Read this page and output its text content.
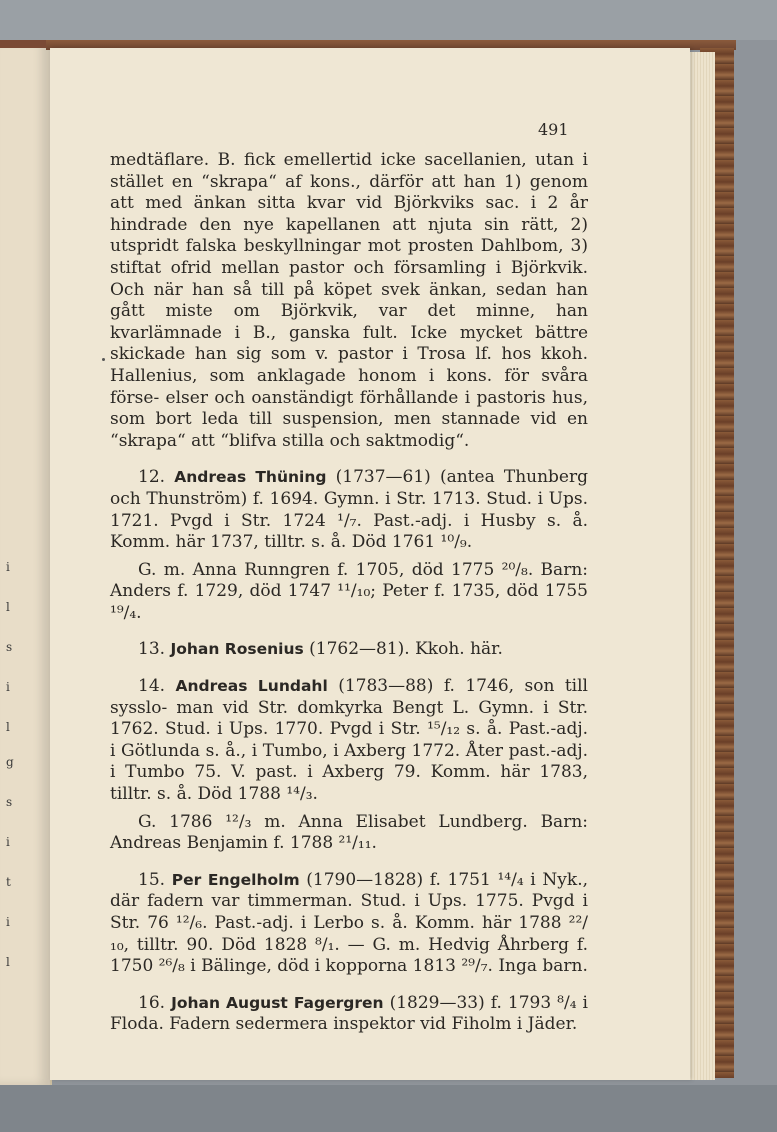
i
l
s
i
l
g
s
i
t
i
l
491
medtäflare. B. fick emellertid icke sacellanien, utan i stället en “skrapa“ af kons., därför att han 1) genom att med änkan sitta kvar vid Björkviks sac. i 2 år hindrade den nye kapellanen att njuta sin rätt, 2) utspridt falska beskyllningar mot prosten Dahlbom, 3) stiftat ofrid mellan pastor och församling i Björkvik. Och när han så till på köpet svek änkan, sedan han gått miste om Björkvik, var det minne, han kvarlämnade i B., ganska fult. Icke mycket bättre skickade han sig som v. pastor i Trosa lf. hos kkoh. Hallenius, som anklagade honom i kons. för svåra förse- elser och oanständigt förhållande i pastoris hus, som bort leda till suspension, men stannade vid en “skrapa“ att “blifva stilla och saktmodig“.
12. Andreas Thüning (1737—61) (antea Thunberg och Thunström) f. 1694. Gymn. i Str. 1713. Stud. i Ups. 1721. Pvgd i Str. 1724 ¹/₇. Past.-adj. i Husby s. å. Komm. här 1737, tilltr. s. å. Död 1761 ¹⁰/₉.
G. m. Anna Runngren f. 1705, död 1775 ²⁰/₈. Barn: Anders f. 1729, död 1747 ¹¹/₁₀; Peter f. 1735, död 1755 ¹⁹/₄.
13. Johan Rosenius (1762—81). Kkoh. här.
14. Andreas Lundahl (1783—88) f. 1746, son till sysslo- man vid Str. domkyrka Bengt L. Gymn. i Str. 1762. Stud. i Ups. 1770. Pvgd i Str. ¹⁵/₁₂ s. å. Past.-adj. i Götlunda s. å., i Tumbo, i Axberg 1772. Åter past.-adj. i Tumbo 75. V. past. i Axberg 79. Komm. här 1783, tilltr. s. å. Död 1788 ¹⁴/₃.
G. 1786 ¹²/₃ m. Anna Elisabet Lundberg. Barn: Andreas Benjamin f. 1788 ²¹/₁₁.
15. Per Engelholm (1790—1828) f. 1751 ¹⁴/₄ i Nyk., där fadern var timmerman. Stud. i Ups. 1775. Pvgd i Str. 76 ¹²/₆. Past.-adj. i Lerbo s. å. Komm. här 1788 ²²/₁₀, tilltr. 90. Död 1828 ⁸/₁. — G. m. Hedvig Åhrberg f. 1750 ²⁶/₈ i Bälinge, död i kopporna 1813 ²⁹/₇. Inga barn.
16. Johan August Fagergren (1829—33) f. 1793 ⁸/₄ i Floda. Fadern sedermera inspektor vid Fiholm i Jäder.
